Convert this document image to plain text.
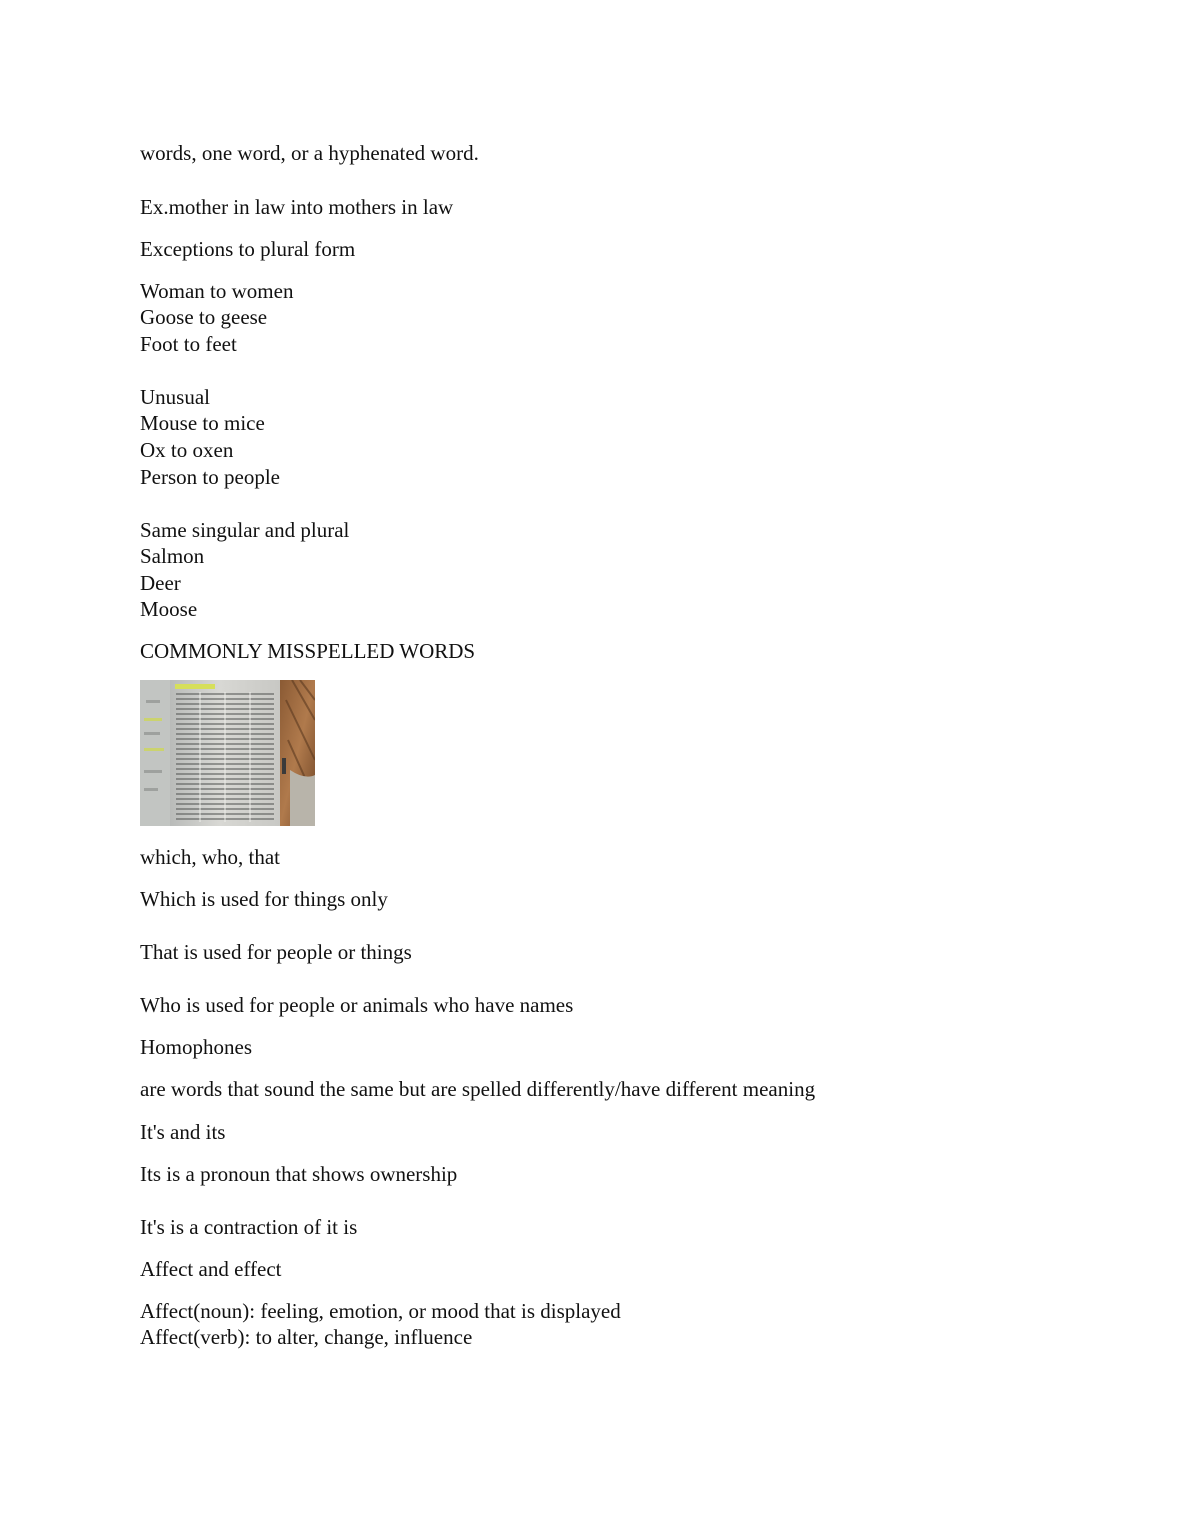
words, one word, or a hyphenated word.
Ex.mother in law into mothers in law
Exceptions to plural form
Woman to women
Goose to geese
Foot to feet
Unusual
Mouse to mice
Ox to oxen
Person to people
Same singular and plural
Salmon
Deer
Moose
COMMONLY MISSPELLED WORDS
which, who, that
Which is used for things only
That is used for people or things
Who is used for people or animals who have names
Homophones
are words that sound the same but are spelled differently/have different meaning
It's and its
Its is a pronoun that shows ownership
It's is a contraction of it is
Affect and effect
Affect(noun): feeling, emotion, or mood that is displayed
Affect(verb): to alter, change, influence
